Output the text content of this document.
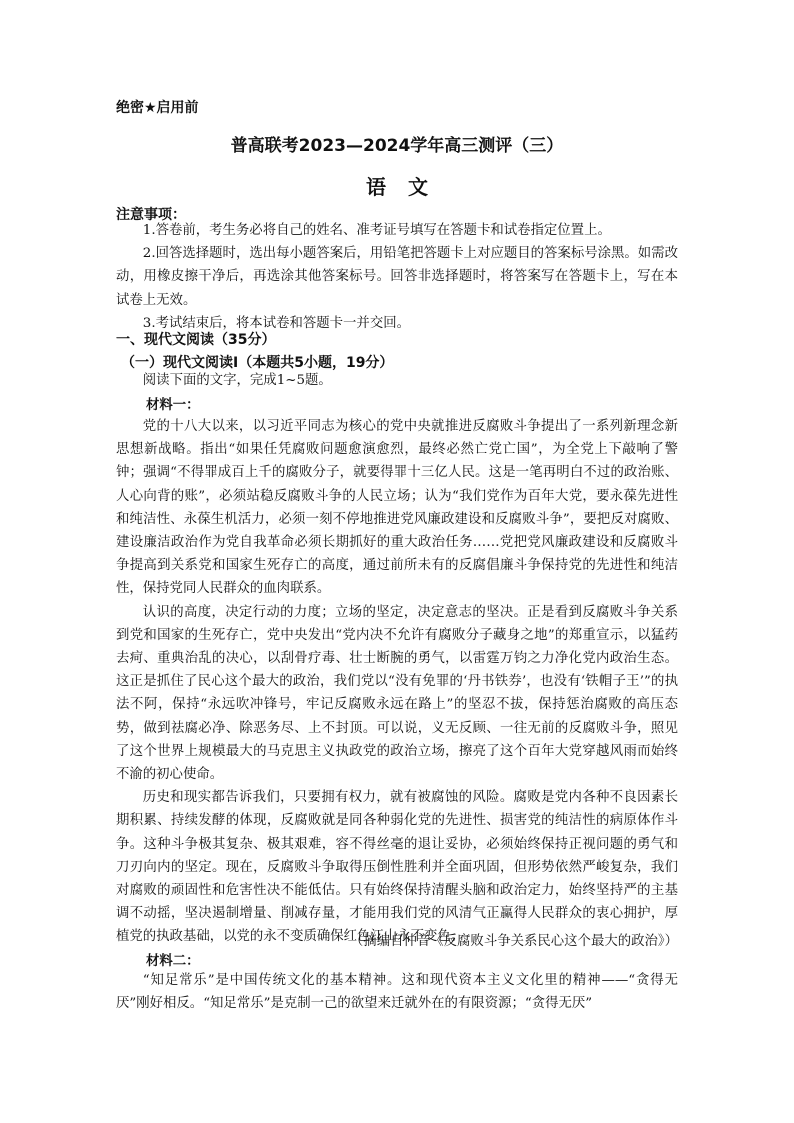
绝密★启用前
普高联考2023—2024学年高三测评（三）
语文
注意事项：

1.答卷前，考生务必将自己的姓名、准考证号填写在答题卡和试卷指定位置上。

2.回答选择题时，选出每小题答案后，用铅笔把答题卡上对应题目的答案标号涂黑。如需改动，用橡皮擦干净后，再选涂其他答案标号。回答非选择题时，将答案写在答题卡上，写在本试卷上无效。

3.考试结束后，将本试卷和答题卡一并交回。

一、现代文阅读（35分）
（一）现代文阅读Ⅰ（本题共5小题，19分）

阅读下面的文字，完成1~5题。

材料一：

党的十八大以来，以习近平同志为核心的党中央就推进反腐败斗争提出了一系列新理念新思想新战略。指出“如果任凭腐败问题愈演愈烈，最终必然亡党亡国”，为全党上下敲响了警钟；强调“不得罪成百上千的腐败分子，就要得罪十三亿人民。这是一笔再明白不过的政治账、人心向背的账”，必须站稳反腐败斗争的人民立场；认为“我们党作为百年大党，要永葆先进性和纯洁性、永葆生机活力，必须一刻不停地推进党风廉政建设和反腐败斗争”，要把反对腐败、建设廉洁政治作为党自我革命必须长期抓好的重大政治任务……党把党风廉政建设和反腐败斗争提高到关系党和国家生死存亡的高度，通过前所未有的反腐倡廉斗争保持党的先进性和纯洁性，保持党同人民群众的血肉联系。

认识的高度，决定行动的力度；立场的坚定，决定意志的坚决。正是看到反腐败斗争关系到党和国家的生死存亡，党中央发出“党内决不允许有腐败分子藏身之地”的郑重宣示，以猛药去疴、重典治乱的决心，以刮骨疗毒、壮士断腕的勇气，以雷霆万钧之力净化党内政治生态。这正是抓住了民心这个最大的政治，我们党以“没有免罪的‘丹书铁券’，也没有‘铁帽子王’”的执法不阿，保持“永远吹冲锋号，牢记反腐败永远在路上”的坚忍不拔，保持惩治腐败的高压态势，做到祛腐必净、除恶务尽、上不封顶。可以说，义无反顾、一往无前的反腐败斗争，照见了这个世界上规模最大的马克思主义执政党的政治立场，擦亮了这个百年大党穿越风雨而始终不渝的初心使命。

历史和现实都告诉我们，只要拥有权力，就有被腐蚀的风险。腐败是党内各种不良因素长期积累、持续发酵的体现，反腐败就是同各种弱化党的先进性、损害党的纯洁性的病原体作斗争。这种斗争极其复杂、极其艰难，容不得丝毫的退让妥协，必须始终保持正视问题的勇气和刀刃向内的坚定。现在，反腐败斗争取得压倒性胜利并全面巩固，但形势依然严峻复杂，我们对腐败的顽固性和危害性决不能低估。只有始终保持清醒头脑和政治定力，始终坚持严的主基调不动摇，坚决遏制增量、削减存量，才能用我们党的风清气正赢得人民群众的衷心拥护，厚植党的执政基础，以党的永不变质确保红色江山永不变色。

（摘编自仲音《反腐败斗争关系民心这个最大的政治》）
材料二：

“知足常乐”是中国传统文化的基本精神。这和现代资本主义文化里的精神——“贪得无厌”刚好相反。“知足常乐”是克制一己的欲望来迁就外在的有限资源；“贪得无厌”
